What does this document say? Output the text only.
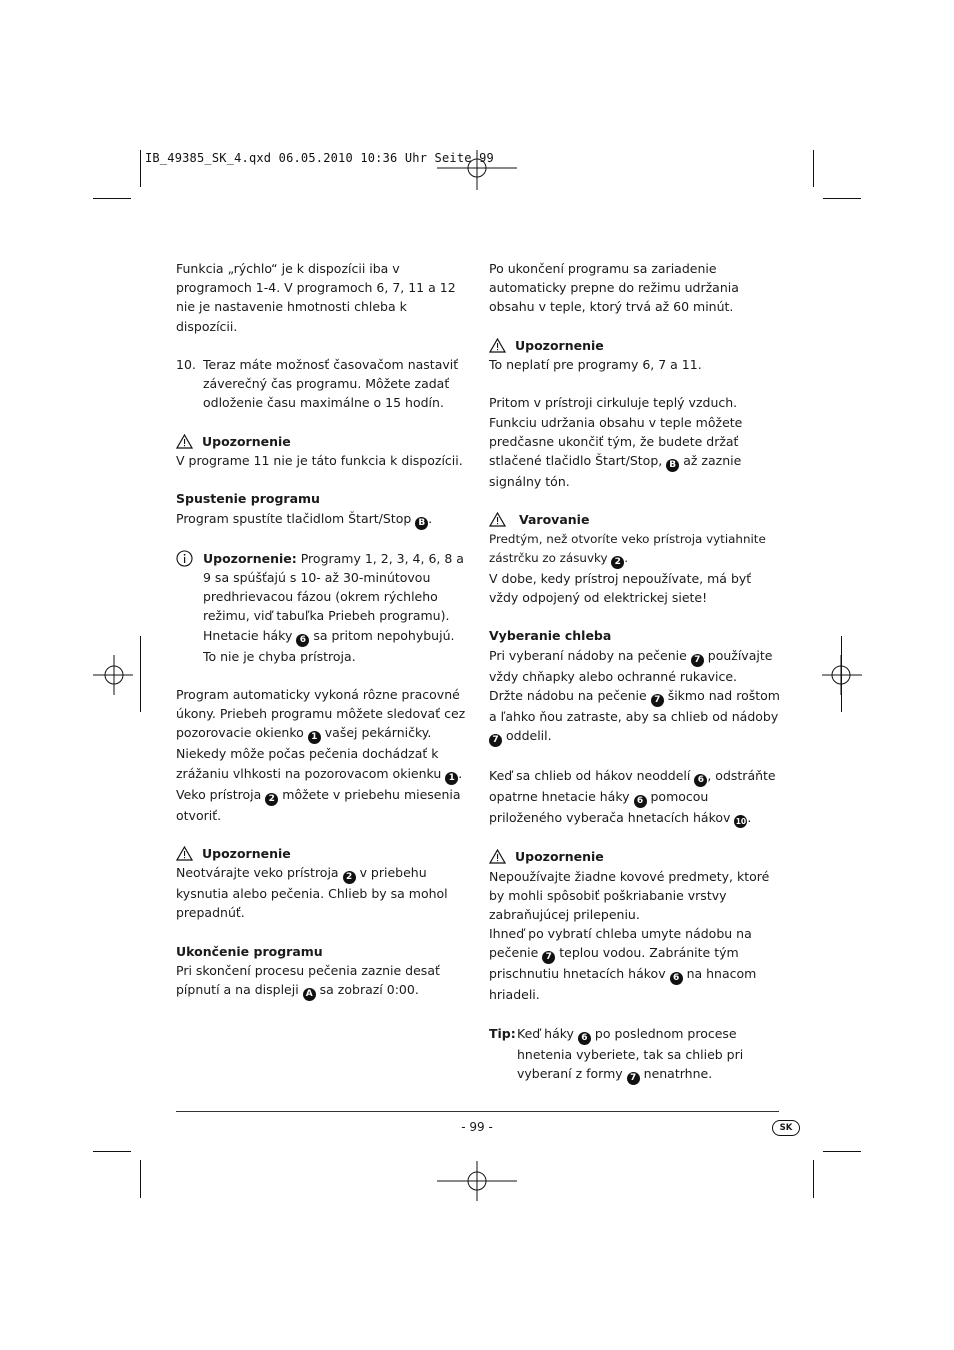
IB_49385_SK_4.qxd 06.05.2010 10:36 Uhr Seite 99

Funkcia „rýchlo“ je k dispozícii iba v programoch 1-4. V programoch 6, 7, 11 a 12 nie je nastavenie hmotnosti chleba k dispozícii.

10. Teraz máte možnosť časovačom nastaviť záverečný čas programu. Môžete zadať odloženie času maximálne o 15 hodín.
Upozornenie

V programe 11 nie je táto funkcia k dispozícii.

Spustenie programu

Program spustíte tlačidlom Štart/Stop B .

Upozornenie: Programy 1, 2, 3, 4, 6, 8 a 9 sa spúšťajú s 10- až 30-minútovou predhrievacou fázou (okrem rýchleho režimu, viď tabuľka Priebeh programu). Hnetacie háky 6 sa pritom nepohybujú. To nie je chyba prístroja.

Program automaticky vykoná rôzne pracovné úkony. Priebeh programu môžete sledovať cez pozorovacie okienko 1 vašej pekárničky. Niekedy môže počas pečenia dochádzať k zrážaniu vlhkosti na pozorovacom okienku 1 . Veko prístroja 2 môžete v priebehu miesenia otvoriť.

Upozornenie

Neotvárajte veko prístroja 2 v priebehu kysnutia alebo pečenia. Chlieb by sa mohol prepadnúť.

Ukončenie programu

Pri skončení procesu pečenia zaznie desať pípnutí a na displeji A sa zobrazí 0:00.

Po ukončení programu sa zariadenie automaticky prepne do režimu udržania obsahu v teple, ktorý trvá až 60 minút.

Upozornenie

To neplatí pre programy 6, 7 a 11.

Pritom v prístroji cirkuluje teplý vzduch. Funkciu udržania obsahu v teple môžete predčasne ukončiť tým, že budete držať stlačené tlačidlo Štart/Stop, B až zaznie signálny tón.

Varovanie

Predtým, než otvoríte veko prístroja vytiahnite zástrčku zo zásuvky 2 .

V dobe, kedy prístroj nepoužívate, má byť vždy odpojený od elektrickej siete!

Vyberanie chleba

Pri vyberaní nádoby na pečenie 7 používajte vždy chňapky alebo ochranné rukavice.

Držte nádobu na pečenie 7 šikmo nad roštom a ľahko ňou zatraste, aby sa chlieb od nádoby 7 oddelil.

Keď sa chlieb od hákov neoddelí 6 , odstráňte opatrne hnetacie háky 6 pomocou priloženého vyberača hnetacích hákov 10.

Upozornenie

Nepoužívajte žiadne kovové predmety, ktoré by mohli spôsobiť poškriabanie vrstvy zabraňujúcej prilepeniu.

Ihneď po vybratí chleba umyte nádobu na pečenie 7 teplou vodou. Zabránite tým prischnutiu hnetacích hákov 6 na hnacom hriadeli.

Tip: Keď háky 6 po poslednom procese hnetenia vyberiete, tak sa chlieb pri vyberaní z formy 7 nenatrhne.
- 99 -	SK
